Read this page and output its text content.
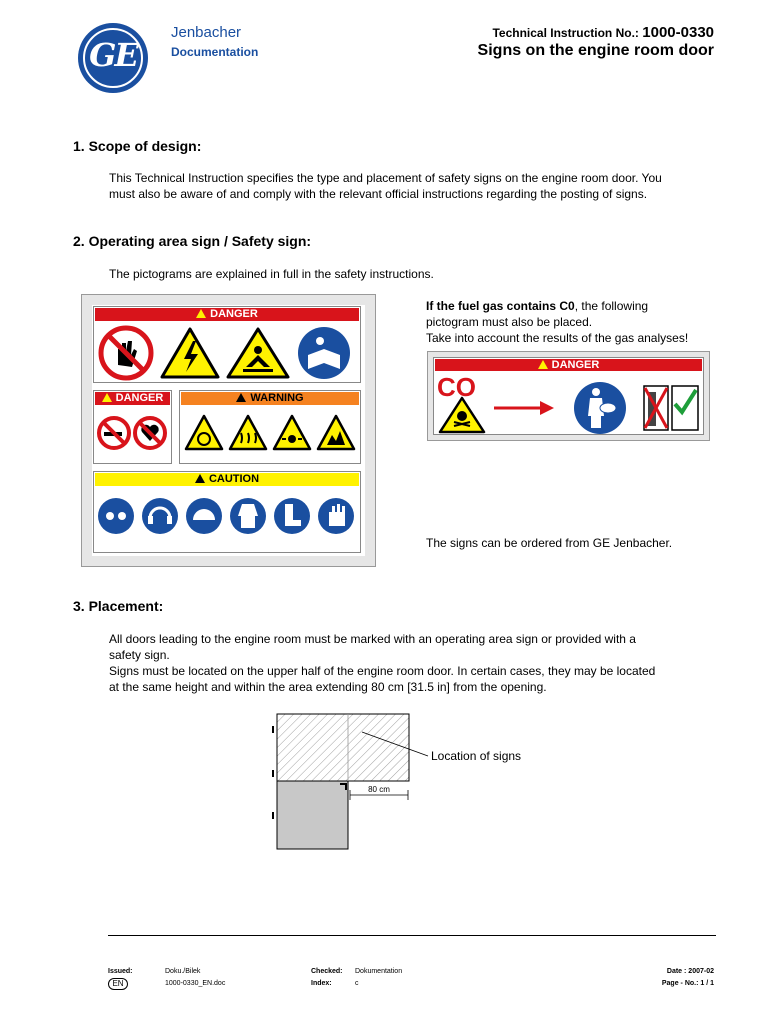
GE
Jenbacher
Documentation
Technical Instruction No.: 1000-0330
Signs on the engine room door
1. Scope of design:
This Technical Instruction specifies the type and placement of safety signs on the engine room door. You
must also be aware of and comply with the relevant official instructions regarding the posting of signs.
2. Operating area sign / Safety sign:
The pictograms are explained in full in the safety instructions.
DANGER
DANGER	WARNING
CAUTION
If the fuel gas contains C0, the following
pictogram must also be placed.
Take into account the results of the gas analyses!
DANGER
CO
The signs can be ordered from GE Jenbacher.
3. Placement:
All doors leading to the engine room must be marked with an operating area sign or provided with a
safety sign.
Signs must be located on the upper half of the engine room door. In certain cases, they may be located
at the same height and within the area extending 80 cm [31.5 in] from the opening.
80 cm
Location of signs
Issued:	Doku./Bilek	Checked: Dokumentation	Date : 2007-02
EN	1000-0330_EN.doc	Index:	c	Page - No.: 1 / 1
